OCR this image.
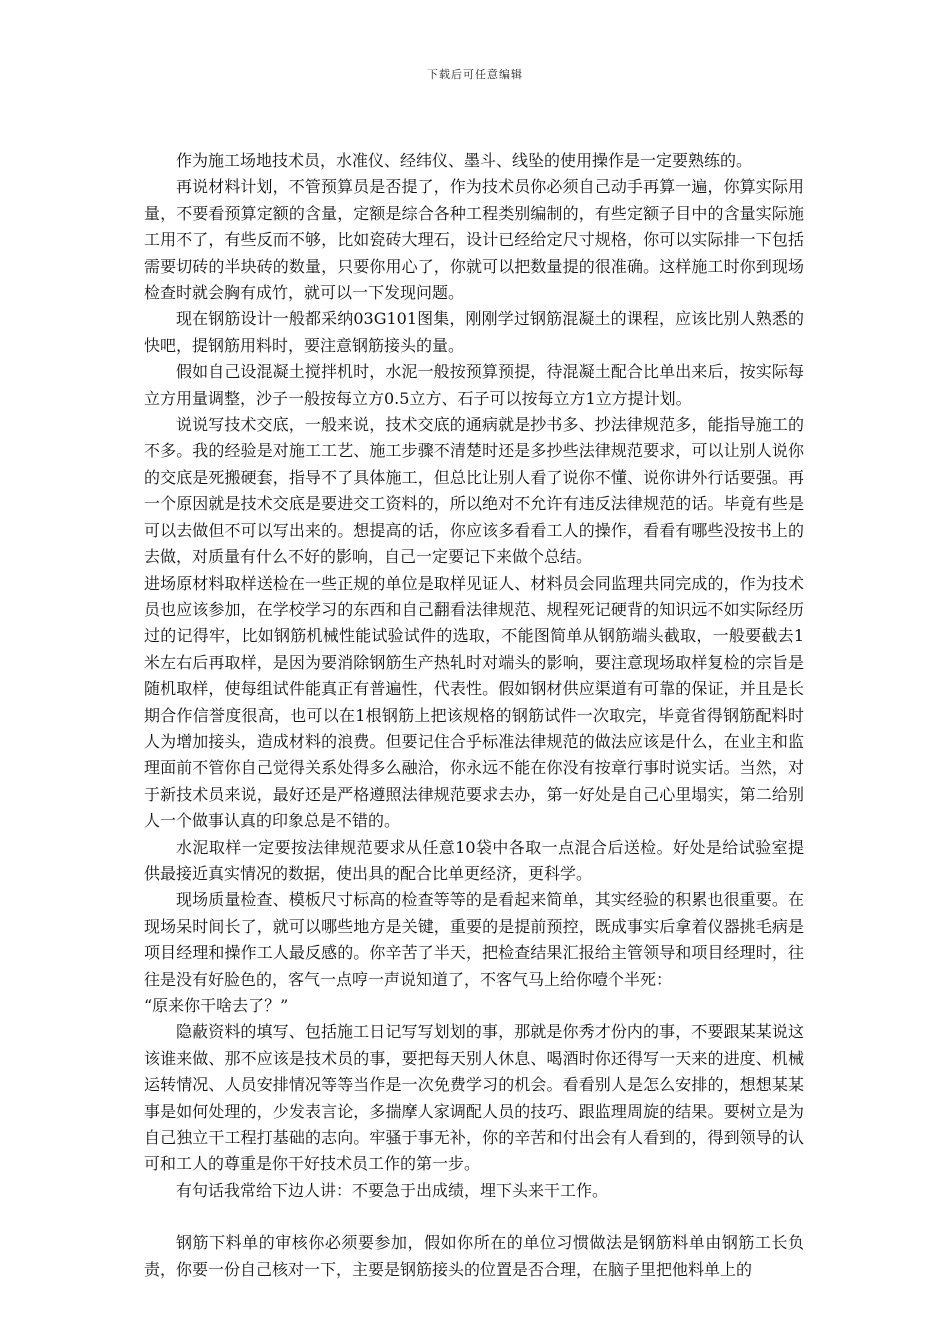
下载后可任意编辑

作为施工场地技术员，水准仪、经纬仪、墨斗、线坠的使用操作是一定要熟练的。

再说材料计划，不管预算员是否提了，作为技术员你必须自己动手再算一遍，你算实际用量，不要看预算定额的含量，定额是综合各种工程类别编制的，有些定额子目中的含量实际施工用不了，有些反而不够，比如瓷砖大理石，设计已经给定尺寸规格，你可以实际排一下包括需要切砖的半块砖的数量，只要你用心了，你就可以把数量提的很准确。这样施工时你到现场检查时就会胸有成竹，就可以一下发现问题。

现在钢筋设计一般都采纳03G101图集，刚刚学过钢筋混凝土的课程，应该比别人熟悉的快吧，提钢筋用料时，要注意钢筋接头的量。

假如自己设混凝土搅拌机时，水泥一般按预算预提，待混凝土配合比单出来后，按实际每立方用量调整，沙子一般按每立方0.5立方、石子可以按每立方1立方提计划。

说说写技术交底，一般来说，技术交底的通病就是抄书多、抄法律规范多，能指导施工的不多。我的经验是对施工工艺、施工步骤不清楚时还是多抄些法律规范要求，可以让别人说你的交底是死搬硬套，指导不了具体施工，但总比让别人看了说你不懂、说你讲外行话要强。再一个原因就是技术交底是要进交工资料的，所以绝对不允许有违反法律规范的话。毕竟有些是可以去做但不可以写出来的。想提高的话，你应该多看看工人的操作，看看有哪些没按书上的去做，对质量有什么不好的影响，自己一定要记下来做个总结。

进场原材料取样送检在一些正规的单位是取样见证人、材料员会同监理共同完成的，作为技术员也应该参加，在学校学习的东西和自己翻看法律规范、规程死记硬背的知识远不如实际经历过的记得牢，比如钢筋机械性能试验试件的选取，不能图简单从钢筋端头截取，一般要截去1米左右后再取样，是因为要消除钢筋生产热轧时对端头的影响，要注意现场取样复检的宗旨是随机取样，使每组试件能真正有普遍性，代表性。假如钢材供应渠道有可靠的保证，并且是长期合作信誉度很高，也可以在1根钢筋上把该规格的钢筋试件一次取完，毕竟省得钢筋配料时人为增加接头，造成材料的浪费。但要记住合乎标准法律规范的做法应该是什么，在业主和监理面前不管你自己觉得关系处得多么融洽，你永远不能在你没有按章行事时说实话。当然，对于新技术员来说，最好还是严格遵照法律规范要求去办，第一好处是自己心里塌实，第二给别人一个做事认真的印象总是不错的。

水泥取样一定要按法律规范要求从任意10袋中各取一点混合后送检。好处是给试验室提供最接近真实情况的数据，使出具的配合比单更经济，更科学。

现场质量检查、模板尺寸标高的检查等等的是看起来简单，其实经验的积累也很重要。在现场呆时间长了，就可以哪些地方是关键，重要的是提前预控，既成事实后拿着仪器挑毛病是项目经理和操作工人最反感的。你辛苦了半天，把检查结果汇报给主管领导和项目经理时，往往是没有好脸色的，客气一点哼一声说知道了，不客气马上给你噎个半死：

“原来你干啥去了？”

隐蔽资料的填写、包括施工日记写写划划的事，那就是你秀才份内的事，不要跟某某说这该谁来做、那不应该是技术员的事，要把每天别人休息、喝酒时你还得写一天来的进度、机械运转情况、人员安排情况等等当作是一次免费学习的机会。看看别人是怎么安排的，想想某某事是如何处理的，少发表言论，多揣摩人家调配人员的技巧、跟监理周旋的结果。要树立是为自己独立干工程打基础的志向。牢骚于事无补，你的辛苦和付出会有人看到的，得到领导的认可和工人的尊重是你干好技术员工作的第一步。

有句话我常给下边人讲：不要急于出成绩，埋下头来干工作。

钢筋下料单的审核你必须要参加，假如你所在的单位习惯做法是钢筋料单由钢筋工长负责，你要一份自己核对一下，主要是钢筋接头的位置是否合理，在脑子里把他料单上的
